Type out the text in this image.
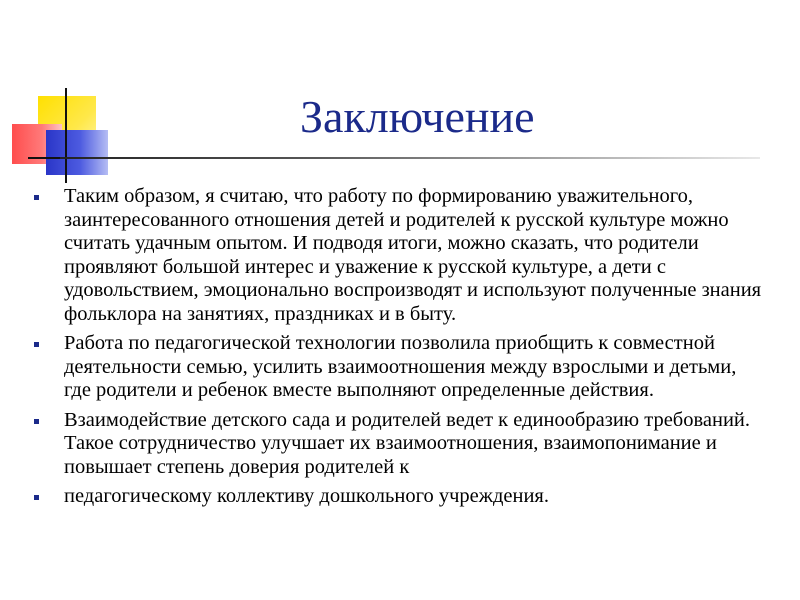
Заключение
Таким образом, я считаю, что работу по формированию уважительного, заинтересованного отношения детей и родителей к русской культуре можно считать удачным опытом. И подводя итоги, можно сказать, что родители проявляют большой интерес и уважение к русской культуре, а дети с удовольствием, эмоционально воспроизводят и используют полученные знания фольклора на занятиях, праздниках и в быту.
Работа по педагогической технологии позволила приобщить к совместной деятельности семью, усилить взаимоотношения между взрослыми и детьми, где родители и ребенок вместе выполняют определенные действия.
Взаимодействие детского сада и родителей ведет к единообразию требований. Такое сотрудничество улучшает их взаимоотношения, взаимопонимание и повышает степень доверия родителей к
педагогическому коллективу дошкольного учреждения.
